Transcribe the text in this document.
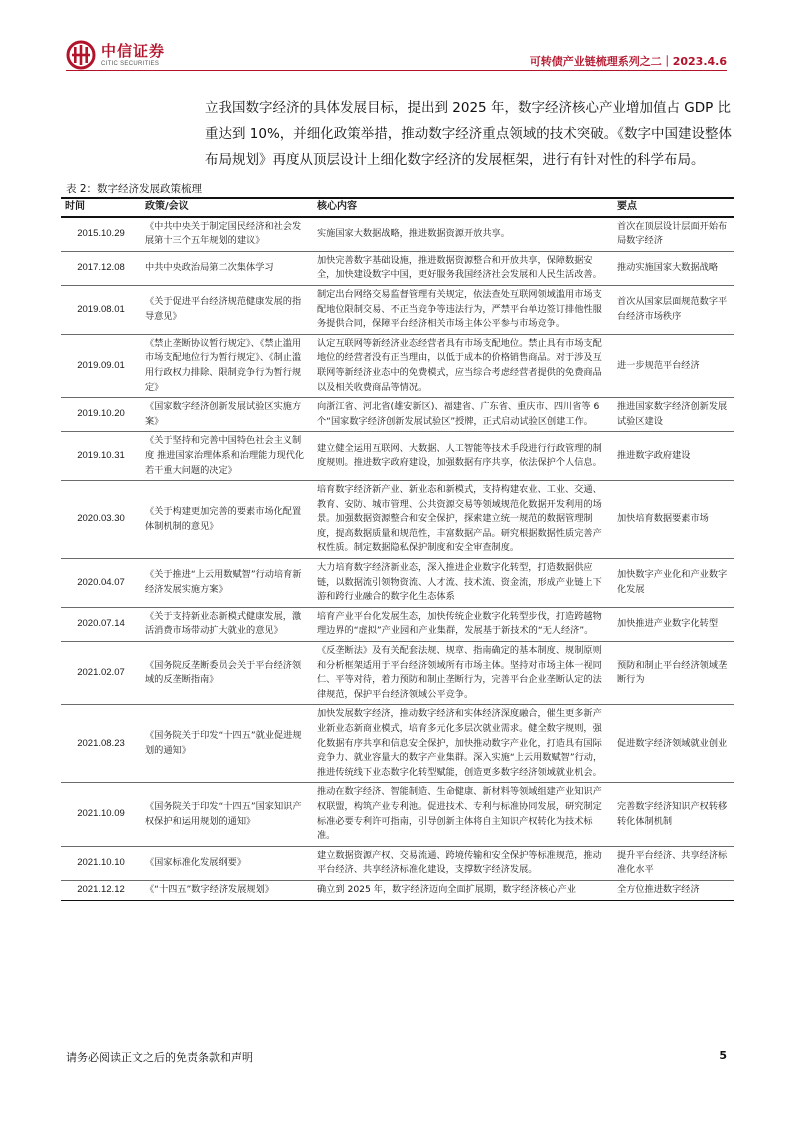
中信证券
CITIC SECURITIES	可转债产业链梳理系列之二｜2023.4.6

立我国数字经济的具体发展目标，提出到 2025 年，数字经济核心产业增加值占 GDP 比重达到 10%，并细化政策举措，推动数字经济重点领域的技术突破。《数字中国建设整体布局规划》再度从顶层设计上细化数字经济的发展框架，进行有针对性的科学布局。

表 2：数字经济发展政策梳理
时间	政策/会议	核心内容	要点
2015.10.29	《中共中央关于制定国民经济和社会发展第十三个五年规划的建议》	实施国家大数据战略，推进数据资源开放共享。	首次在顶层设计层面开始布局数字经济
2017.12.08	中共中央政治局第二次集体学习	加快完善数字基础设施，推进数据资源整合和开放共享，保障数据安全，加快建设数字中国，更好服务我国经济社会发展和人民生活改善。	推动实施国家大数据战略
2019.08.01	《关于促进平台经济规范健康发展的指导意见》	制定出台网络交易监督管理有关规定，依法查处互联网领域滥用市场支配地位限制交易、不正当竞争等违法行为，严禁平台单边签订排他性服务提供合同，保障平台经济相关市场主体公平参与市场竞争。	首次从国家层面规范数字平台经济市场秩序
2019.09.01	《禁止垄断协议暂行规定》、《禁止滥用市场支配地位行为暂行规定》、《制止滥用行政权力排除、限制竞争行为暂行规定》	认定互联网等新经济业态经营者具有市场支配地位。禁止具有市场支配地位的经营者没有正当理由，以低于成本的价格销售商品。对于涉及互联网等新经济业态中的免费模式，应当综合考虑经营者提供的免费商品以及相关收费商品等情况。	进一步规范平台经济
2019.10.20	《国家数字经济创新发展试验区实施方案》	向浙江省、河北省(雄安新区)、福建省、广东省、重庆市、四川省等 6 个“国家数字经济创新发展试验区”授牌，正式启动试验区创建工作。	推进国家数字经济创新发展试验区建设
2019.10.31	《关于坚持和完善中国特色社会主义制度 推进国家治理体系和治理能力现代化若干重大问题的决定》	建立健全运用互联网、大数据、人工智能等技术手段进行行政管理的制度规则。推进数字政府建设，加强数据有序共享，依法保护个人信息。	推进数字政府建设
2020.03.30	《关于构建更加完善的要素市场化配置体制机制的意见》	培育数字经济新产业、新业态和新模式，支持构建农业、工业、交通、教育、安防、城市管理、公共资源交易等领域规范化数据开发利用的场景。加强数据资源整合和安全保护，探索建立统一规范的数据管理制度，提高数据质量和规范性，丰富数据产品。研究根据数据性质完善产权性质。制定数据隐私保护制度和安全审查制度。	加快培育数据要素市场
2020.04.07	《关于推进“上云用数赋智”行动培育新经济发展实施方案》	大力培育数字经济新业态，深入推进企业数字化转型，打造数据供应链，以数据流引领物资流、人才流、技术流、资金流，形成产业链上下游和跨行业融合的数字化生态体系	加快数字产业化和产业数字化发展
2020.07.14	《关于支持新业态新模式健康发展，激活消费市场带动扩大就业的意见》	培育产业平台化发展生态，加快传统企业数字化转型步伐，打造跨越物理边界的“虚拟”产业园和产业集群，发展基于新技术的“无人经济”。	加快推进产业数字化转型
2021.02.07	《国务院反垄断委员会关于平台经济领域的反垄断指南》	《反垄断法》及有关配套法规、规章、指南确定的基本制度、规制原则和分析框架适用于平台经济领域所有市场主体。坚持对市场主体一视同仁、平等对待，着力预防和制止垄断行为，完善平台企业垄断认定的法律规范，保护平台经济领域公平竞争。	预防和制止平台经济领域垄断行为
2021.08.23	《国务院关于印发“十四五”就业促进规划的通知》	加快发展数字经济，推动数字经济和实体经济深度融合，催生更多新产业新业态新商业模式，培育多元化多层次就业需求。健全数字规则，强化数据有序共享和信息安全保护，加快推动数字产业化，打造具有国际竞争力、就业容量大的数字产业集群。深入实施“上云用数赋智”行动，推进传统线下业态数字化转型赋能，创造更多数字经济领域就业机会。	促进数字经济领域就业创业
2021.10.09	《国务院关于印发“十四五”国家知识产权保护和运用规划的通知》	推动在数字经济、智能制造、生命健康、新材料等领域组建产业知识产权联盟，构筑产业专利池。促进技术、专利与标准协同发展，研究制定标准必要专利许可指南，引导创新主体将自主知识产权转化为技术标准。	完善数字经济知识产权转移转化体制机制
2021.10.10	《国家标准化发展纲要》	建立数据资源产权、交易流通、跨境传输和安全保护等标准规范，推动平台经济、共享经济标准化建设，支撑数字经济发展。	提升平台经济、共享经济标准化水平
2021.12.12	《“十四五”数字经济发展规划》	确立到 2025 年，数字经济迈向全面扩展期，数字经济核心产业	全方位推进数字经济
请务必阅读正文之后的免责条款和声明	5
